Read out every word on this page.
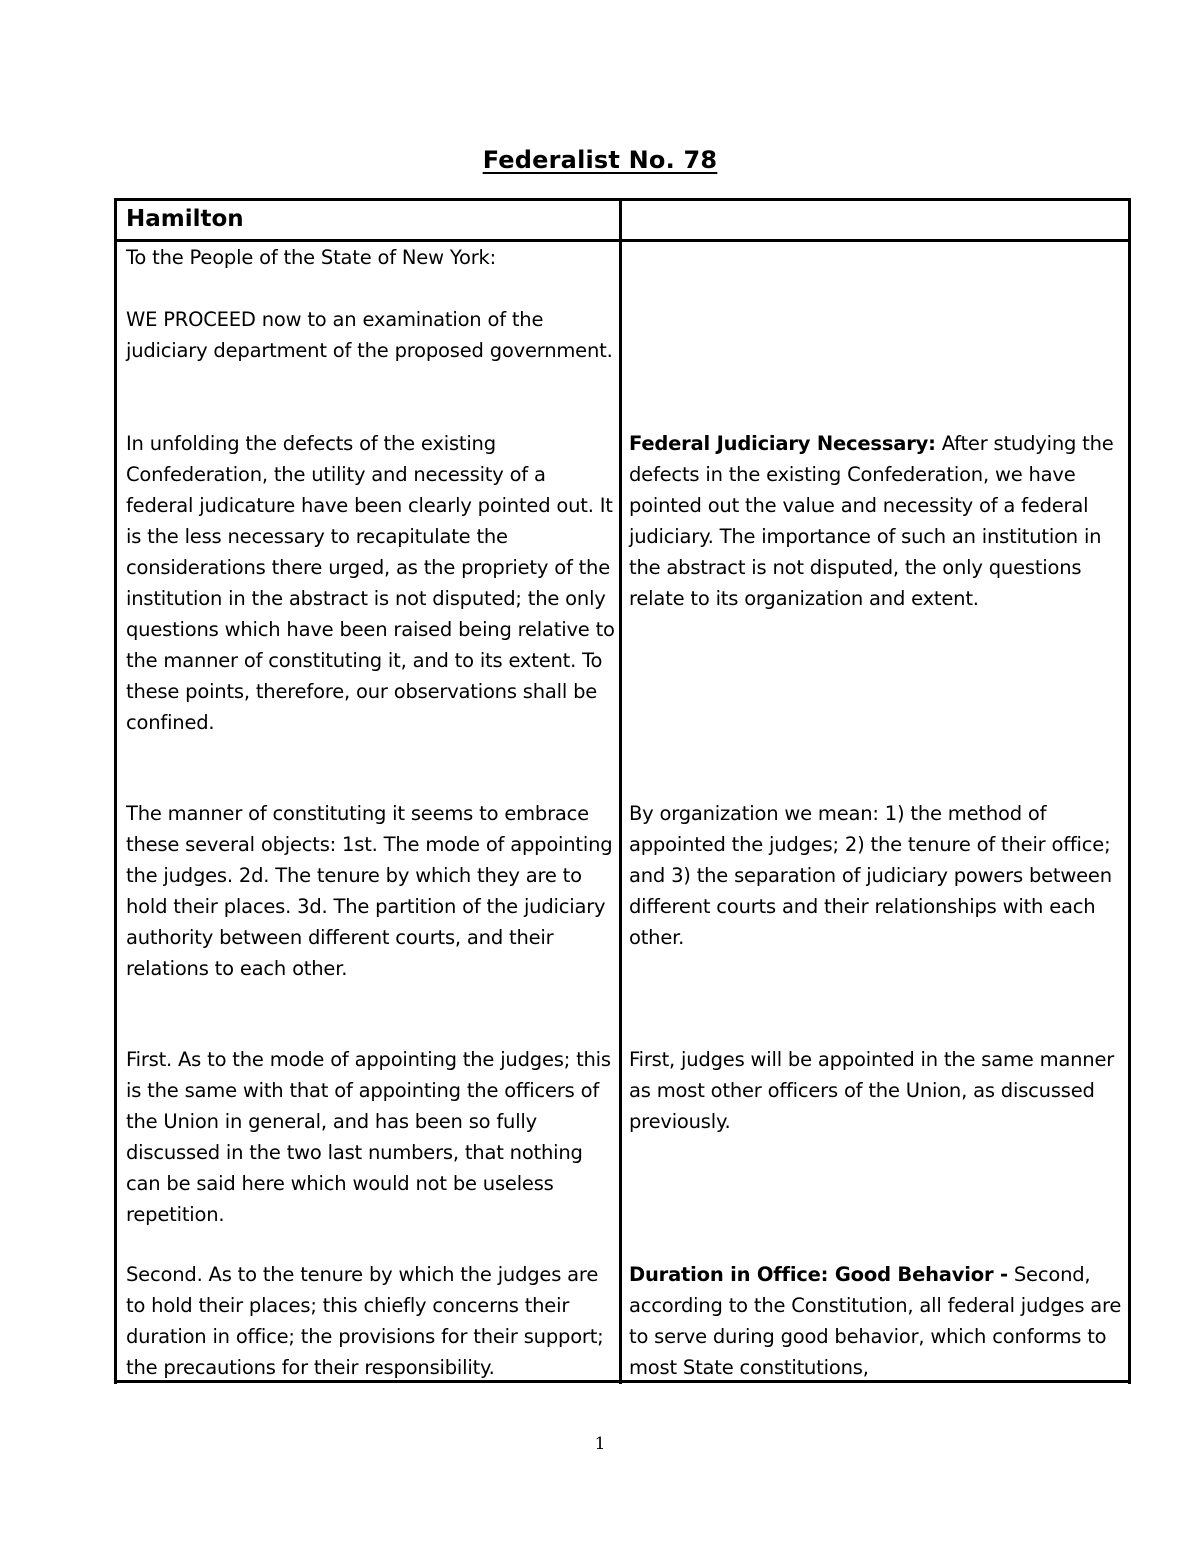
Federalist No. 78
Hamilton

To the People of the State of New York:

WE PROCEED now to an examination of the judiciary department of the proposed government.

In unfolding the defects of the existing Confederation, the utility and necessity of a federal judicature have been clearly pointed out. It is the less necessary to recapitulate the considerations there urged, as the propriety of the institution in the abstract is not disputed; the only questions which have been raised being relative to the manner of constituting it, and to its extent. To these points, therefore, our observations shall be confined.

The manner of constituting it seems to embrace these several objects: 1st. The mode of appointing the judges. 2d. The tenure by which they are to hold their places. 3d. The partition of the judiciary authority between different courts, and their relations to each other.

First. As to the mode of appointing the judges; this is the same with that of appointing the officers of the Union in general, and has been so fully discussed in the two last numbers, that nothing can be said here which would not be useless repetition.

Second. As to the tenure by which the judges are to hold their places; this chiefly concerns their duration in office; the provisions for their support; the precautions for their responsibility.

Federal Judiciary Necessary: After studying the defects in the existing Confederation, we have pointed out the value and necessity of a federal judiciary. The importance of such an institution in the abstract is not disputed, the only questions relate to its organization and extent.

By organization we mean: 1) the method of appointed the judges; 2) the tenure of their office; and 3) the separation of judiciary powers between different courts and their relationships with each other.

First, judges will be appointed in the same manner as most other officers of the Union, as discussed previously.

Duration in Office: Good Behavior - Second, according to the Constitution, all federal judges are to serve during good behavior, which conforms to most State constitutions,

1
